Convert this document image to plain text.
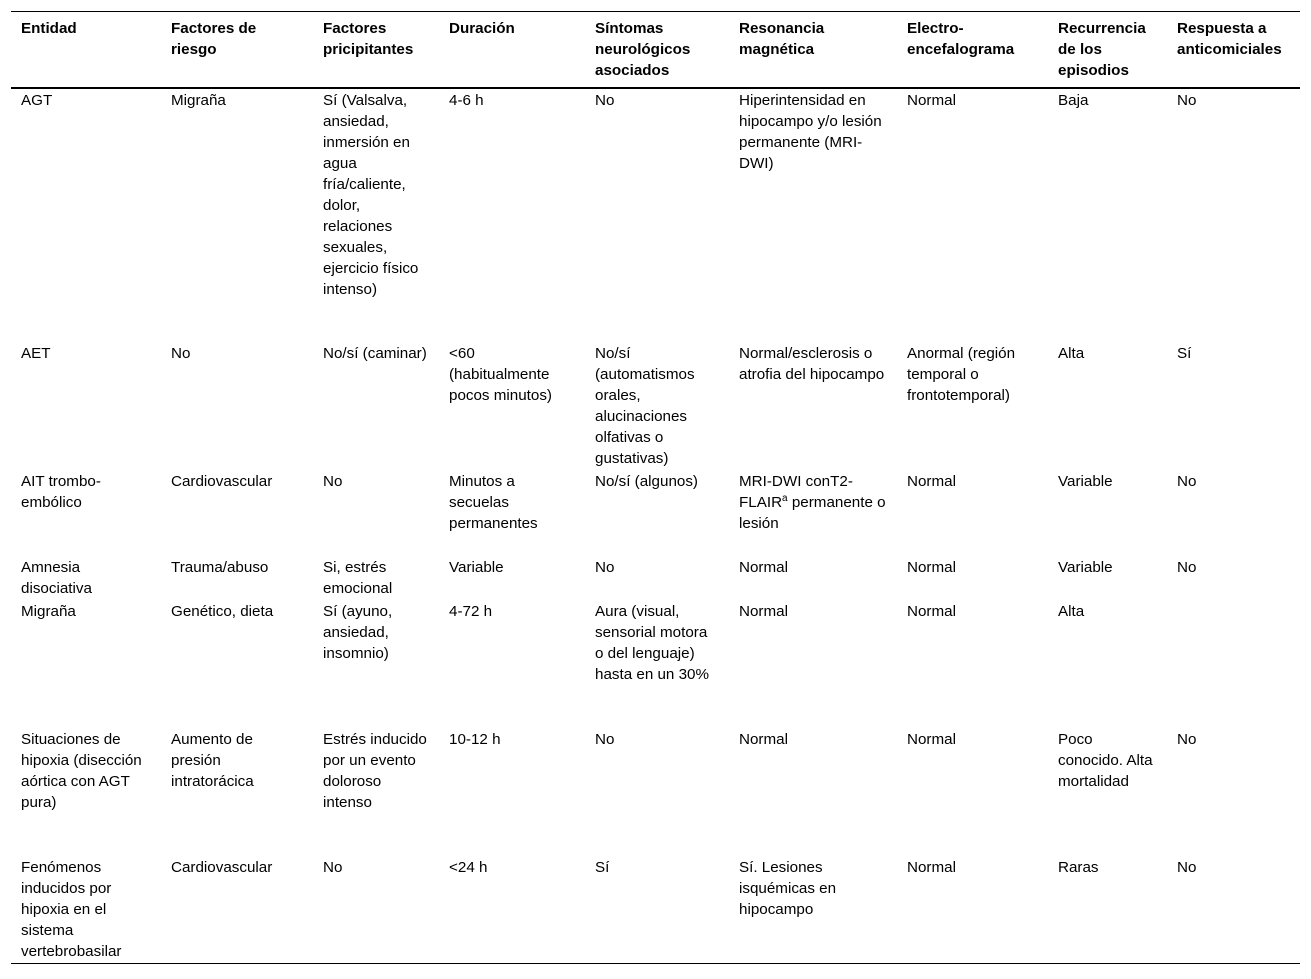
Entidad	Factores de riesgo	Factores pricipitantes	Duración	Síntomas neurológicos asociados	Resonancia magnética	Electro-encefalograma	Recurrencia de los episodios	Respuesta a anticomiciales
AGT	Migraña	Sí (Valsalva, ansiedad, inmersión en agua fría/caliente, dolor, relaciones sexuales, ejercicio físico intenso)	4-6 h	No	Hiperintensidad en hipocampo y/o lesión permanente (MRI-DWI)	Normal	Baja	No
AET	No	No/sí (caminar)	<60 (habitualmente pocos minutos)	No/sí (automatismos orales, alucinaciones olfativas o gustativas)	Normal/esclerosis o atrofia del hipocampo	Anormal (región temporal o frontotemporal)	Alta	Sí
AIT trombo-embólico	Cardiovascular	No	Minutos a secuelas permanentes	No/sí (algunos)	MRI-DWI conT2-FLAIR$^a$ permanente o lesión	Normal	Variable	No
Amnesia disociativa	Trauma/abuso	Si, estrés emocional	Variable	No	Normal	Normal	Variable	No
Migraña	Genético, dieta	Sí (ayuno, ansiedad, insomnio)	4-72 h	Aura (visual, sensorial motora o del lenguaje) hasta en un 30%	Normal	Normal	Alta	
Situaciones de hipoxia (disección aórtica con AGT pura)	Aumento de presión intratorácica	Estrés inducido por un evento doloroso intenso	10-12 h	No	Normal	Normal	Poco conocido. Alta mortalidad	No
Fenómenos inducidos por hipoxia en el sistema vertebrobasilar	Cardiovascular	No	<24 h	Sí	Sí. Lesiones isquémicas en hipocampo	Normal	Raras	No
